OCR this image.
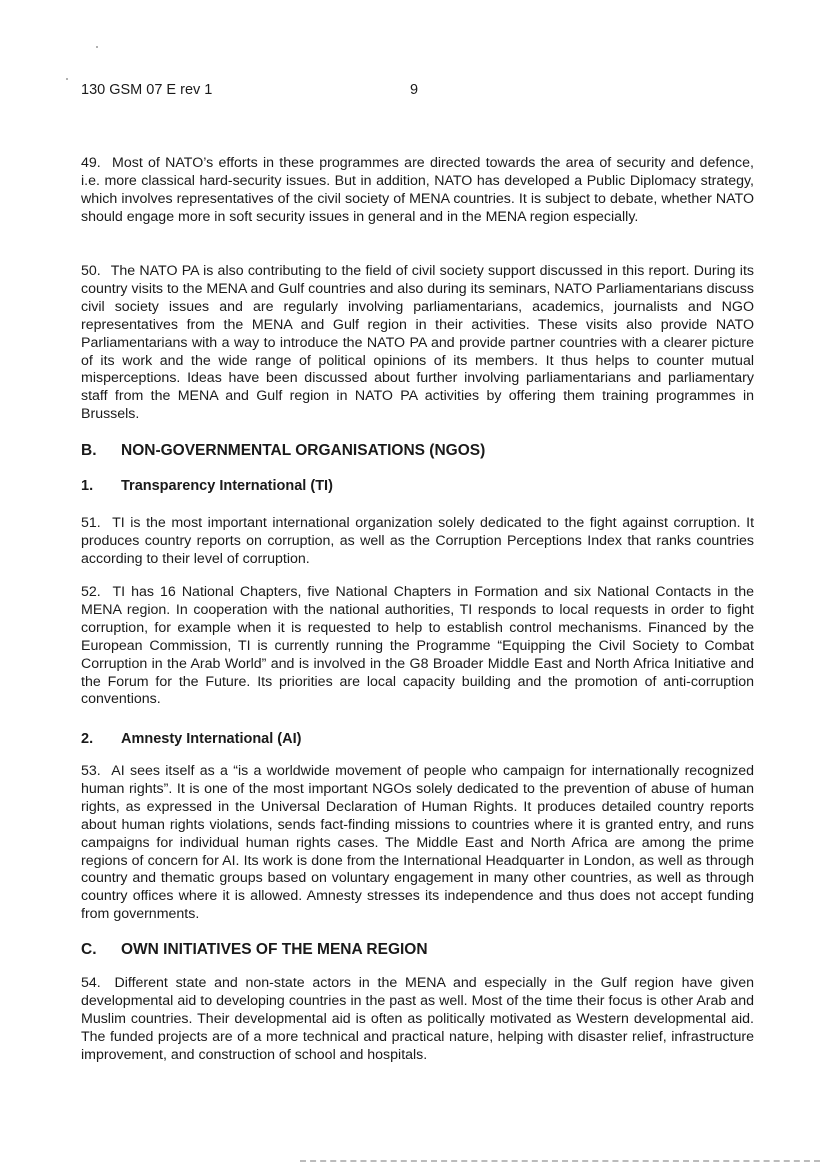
130 GSM 07 E rev 1	9

49. Most of NATO’s efforts in these programmes are directed towards the area of security and defence, i.e. more classical hard-security issues. But in addition, NATO has developed a Public Diplomacy strategy, which involves representatives of the civil society of MENA countries. It is subject to debate, whether NATO should engage more in soft security issues in general and in the MENA region especially.

50. The NATO PA is also contributing to the field of civil society support discussed in this report. During its country visits to the MENA and Gulf countries and also during its seminars, NATO Parliamentarians discuss civil society issues and are regularly involving parliamentarians, academics, journalists and NGO representatives from the MENA and Gulf region in their activities. These visits also provide NATO Parliamentarians with a way to introduce the NATO PA and provide partner countries with a clearer picture of its work and the wide range of political opinions of its members. It thus helps to counter mutual misperceptions. Ideas have been discussed about further involving parliamentarians and parliamentary staff from the MENA and Gulf region in NATO PA activities by offering them training programmes in Brussels.

B. NON-GOVERNMENTAL ORGANISATIONS (NGOS)
1. Transparency International (TI)

51. TI is the most important international organization solely dedicated to the fight against corruption. It produces country reports on corruption, as well as the Corruption Perceptions Index that ranks countries according to their level of corruption.

52. TI has 16 National Chapters, five National Chapters in Formation and six National Contacts in the MENA region. In cooperation with the national authorities, TI responds to local requests in order to fight corruption, for example when it is requested to help to establish control mechanisms. Financed by the European Commission, TI is currently running the Programme “Equipping the Civil Society to Combat Corruption in the Arab World” and is involved in the G8 Broader Middle East and North Africa Initiative and the Forum for the Future. Its priorities are local capacity building and the promotion of anti-corruption conventions.

2. Amnesty International (AI)

53. AI sees itself as a “is a worldwide movement of people who campaign for internationally recognized human rights”. It is one of the most important NGOs solely dedicated to the prevention of abuse of human rights, as expressed in the Universal Declaration of Human Rights. It produces detailed country reports about human rights violations, sends fact-finding missions to countries where it is granted entry, and runs campaigns for individual human rights cases. The Middle East and North Africa are among the prime regions of concern for AI. Its work is done from the International Headquarter in London, as well as through country and thematic groups based on voluntary engagement in many other countries, as well as through country offices where it is allowed. Amnesty stresses its independence and thus does not accept funding from governments.

C. OWN INITIATIVES OF THE MENA REGION

54. Different state and non-state actors in the MENA and especially in the Gulf region have given developmental aid to developing countries in the past as well. Most of the time their focus is other Arab and Muslim countries. Their developmental aid is often as politically motivated as Western developmental aid. The funded projects are of a more technical and practical nature, helping with disaster relief, infrastructure improvement, and construction of school and hospitals.
